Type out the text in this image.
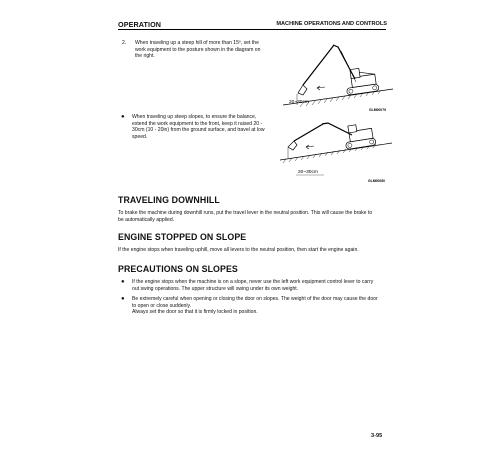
OPERATION	MACHINE OPERATIONS AND CONTROLS
2. When traveling up a steep hill of more than 15º, set the
work equipment to the posture shown in the diagram on
the right.

20~30cm
GLM00079
● When traveling up steep slopes, to ensure the balance,
extend the work equipment to the front, keep it raised 20 -
30cm (10 - 20in) from the ground surface, and travel at low
speed.

20~30cm
GLM00080
TRAVELING DOWNHILL

To brake the machine during downhill runs, put the travel lever in the neutral position. This will cause the brake to
be automatically applied.

ENGINE STOPPED ON SLOPE

If the engine stops when traveling uphill, move all levers to the neutral position, then start the engine again.

PRECAUTIONS ON SLOPES
● If the engine stops when the machine is on a slope, never use the left work equipment control lever to carry
out swing operations. The upper structure will swing under its own weight.

● Be extremely careful when opening or closing the door on slopes. The weight of the door may cause the door
to open or close suddenly.
Always set the door so that it is firmly locked in position.

3-95
